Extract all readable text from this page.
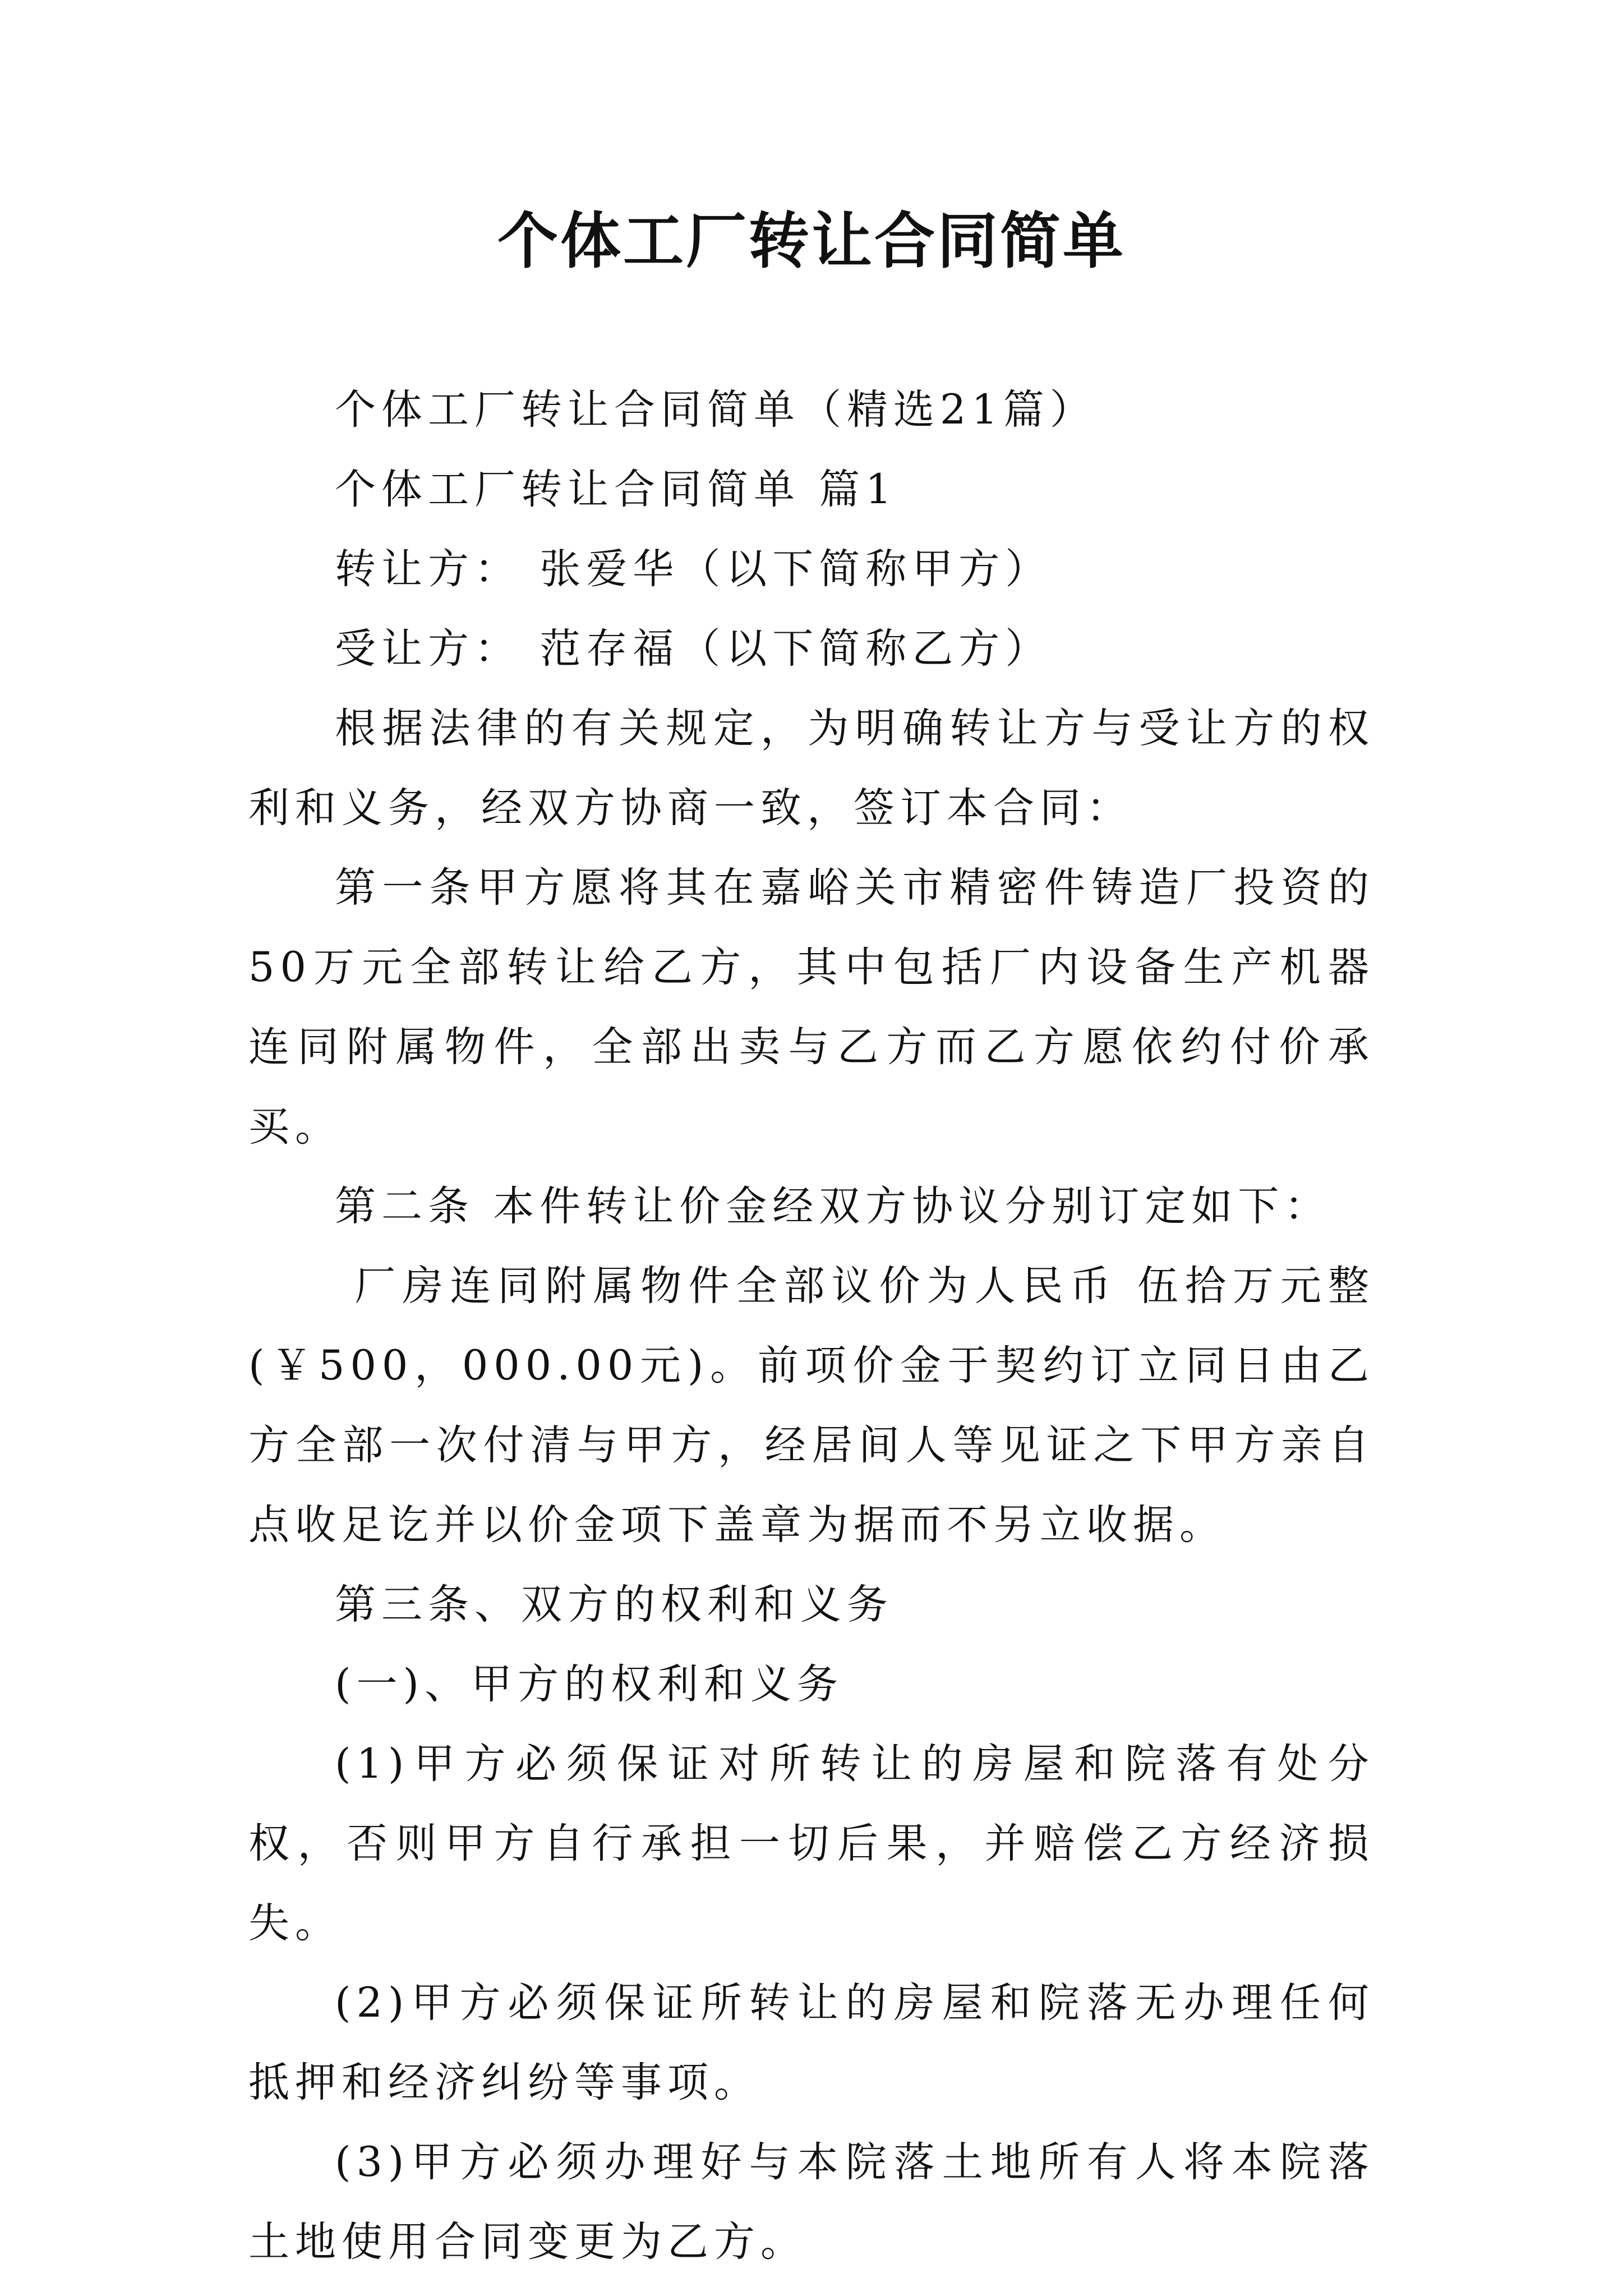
个体工厂转让合同简单

个体工厂转让合同简单（精选21篇）

个体工厂转让合同简单 篇1

转让方： 张爱华（以下简称甲方）

受让方： 范存福（以下简称乙方）

根据法律的有关规定，为明确转让方与受让方的权利和义务，经双方协商一致，签订本合同：

第一条甲方愿将其在嘉峪关市精密件铸造厂投资的50万元全部转让给乙方，其中包括厂内设备生产机器连同附属物件，全部出卖与乙方而乙方愿依约付价承买。

第二条 本件转让价金经双方协议分别订定如下：

厂房连同附属物件全部议价为人民币 伍拾万元整(￥500，000.00元)。前项价金于契约订立同日由乙方全部一次付清与甲方，经居间人等见证之下甲方亲自点收足讫并以价金项下盖章为据而不另立收据。

第三条、双方的权利和义务

(一)、甲方的权利和义务

(1)甲方必须保证对所转让的房屋和院落有处分权，否则甲方自行承担一切后果，并赔偿乙方经济损失。

(2)甲方必须保证所转让的房屋和院落无办理任何抵押和经济纠纷等事项。

(3)甲方必须办理好与本院落土地所有人将本院落土地使用合同变更为乙方。
